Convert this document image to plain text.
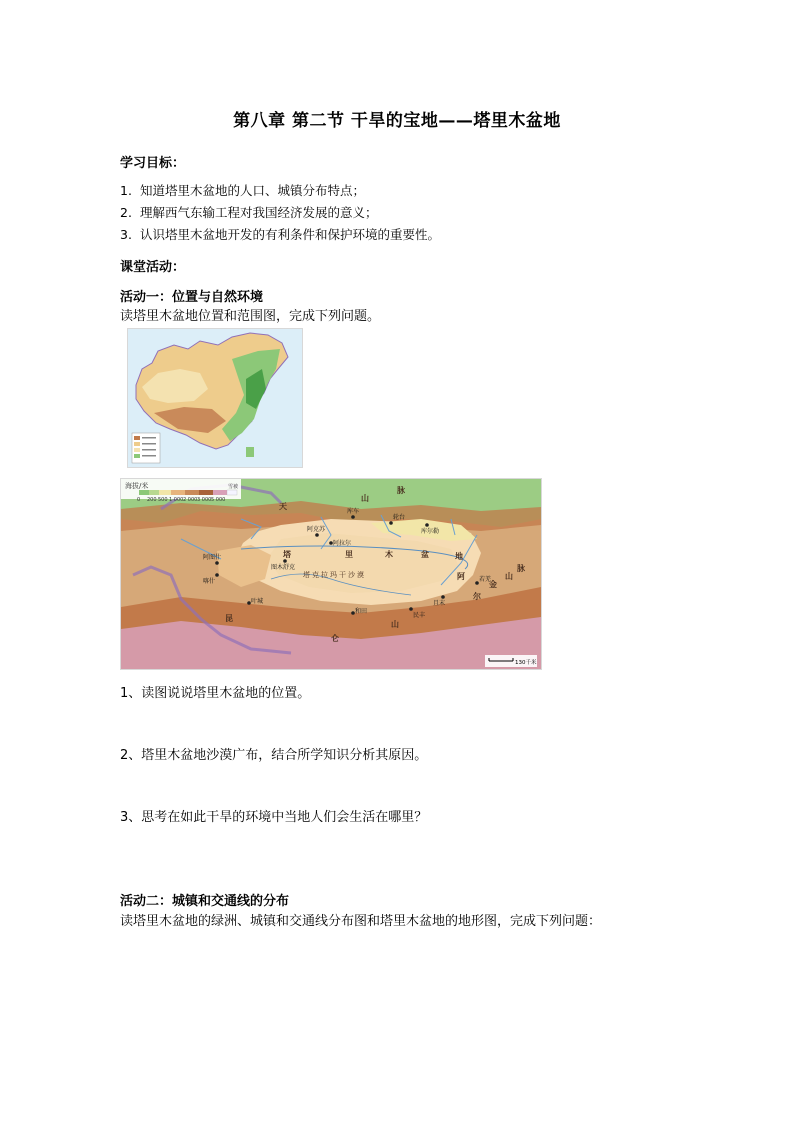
第八章 第二节 干旱的宝地——塔里木盆地
学习目标：
1. 知道塔里木盆地的人口、城镇分布特点；
2. 理解西气东输工程对我国经济发展的意义；
3. 认识塔里木盆地开发的有利条件和保护环境的重要性。
课堂活动：
活动一：位置与自然环境
读塔里木盆地位置和范围图，完成下列问题。
海拔/米
0 200 500 1 000 2 000 3 000 5 000
雪被
天
山
脉
塔	里	木	盆	地
昆
仑
山
阿
尔
金
山
脉
塔克拉玛干沙漠
库车
轮台
库尔勒
阿克苏
阿拉尔
阿图什
喀什
图木舒克
叶城
和田
民丰
且末
若羌
130千米
1、读图说说塔里木盆地的位置。
2、塔里木盆地沙漠广布，结合所学知识分析其原因。
3、思考在如此干旱的环境中当地人们会生活在哪里？
活动二：城镇和交通线的分布
读塔里木盆地的绿洲、城镇和交通线分布图和塔里木盆地的地形图，完成下列问题：
